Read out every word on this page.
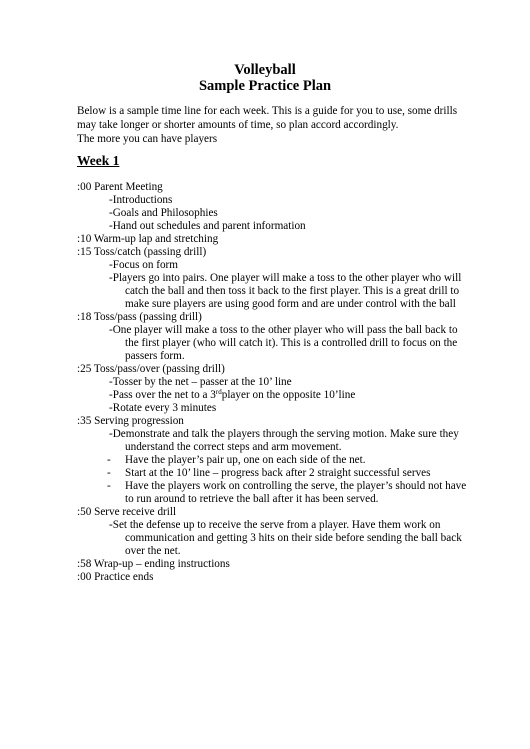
Volleyball
Sample Practice Plan
Below is a sample time line for each week. This is a guide for you to use, some drills
may take longer or shorter amounts of time, so plan accord accordingly.
The more you can have players
Week 1
:00 Parent Meeting
-Introductions
-Goals and Philosophies
-Hand out schedules and parent information
:10 Warm-up lap and stretching
:15 Toss/catch (passing drill)
-Focus on form
-Players go into pairs. One player will make a toss to the other player who will
catch the ball and then toss it back to the first player. This is a great drill to
make sure players are using good form and are under control with the ball
:18 Toss/pass (passing drill)
-One player will make a toss to the other player who will pass the ball back to
the first player (who will catch it). This is a controlled drill to focus on the
passers form.
:25 Toss/pass/over (passing drill)
-Tosser by the net – passer at the 10’ line
-Pass over the net to a 3rdplayer on the opposite 10’line
-Rotate every 3 minutes
:35 Serving progression
-Demonstrate and talk the players through the serving motion. Make sure they
understand the correct steps and arm movement.
- Have the player’s pair up, one on each side of the net.
- Start at the 10’ line – progress back after 2 straight successful serves
- Have the players work on controlling the serve, the player’s should not have
to run around to retrieve the ball after it has been served.
:50 Serve receive drill
-Set the defense up to receive the serve from a player. Have them work on
communication and getting 3 hits on their side before sending the ball back
over the net.
:58 Wrap-up – ending instructions
:00 Practice ends
